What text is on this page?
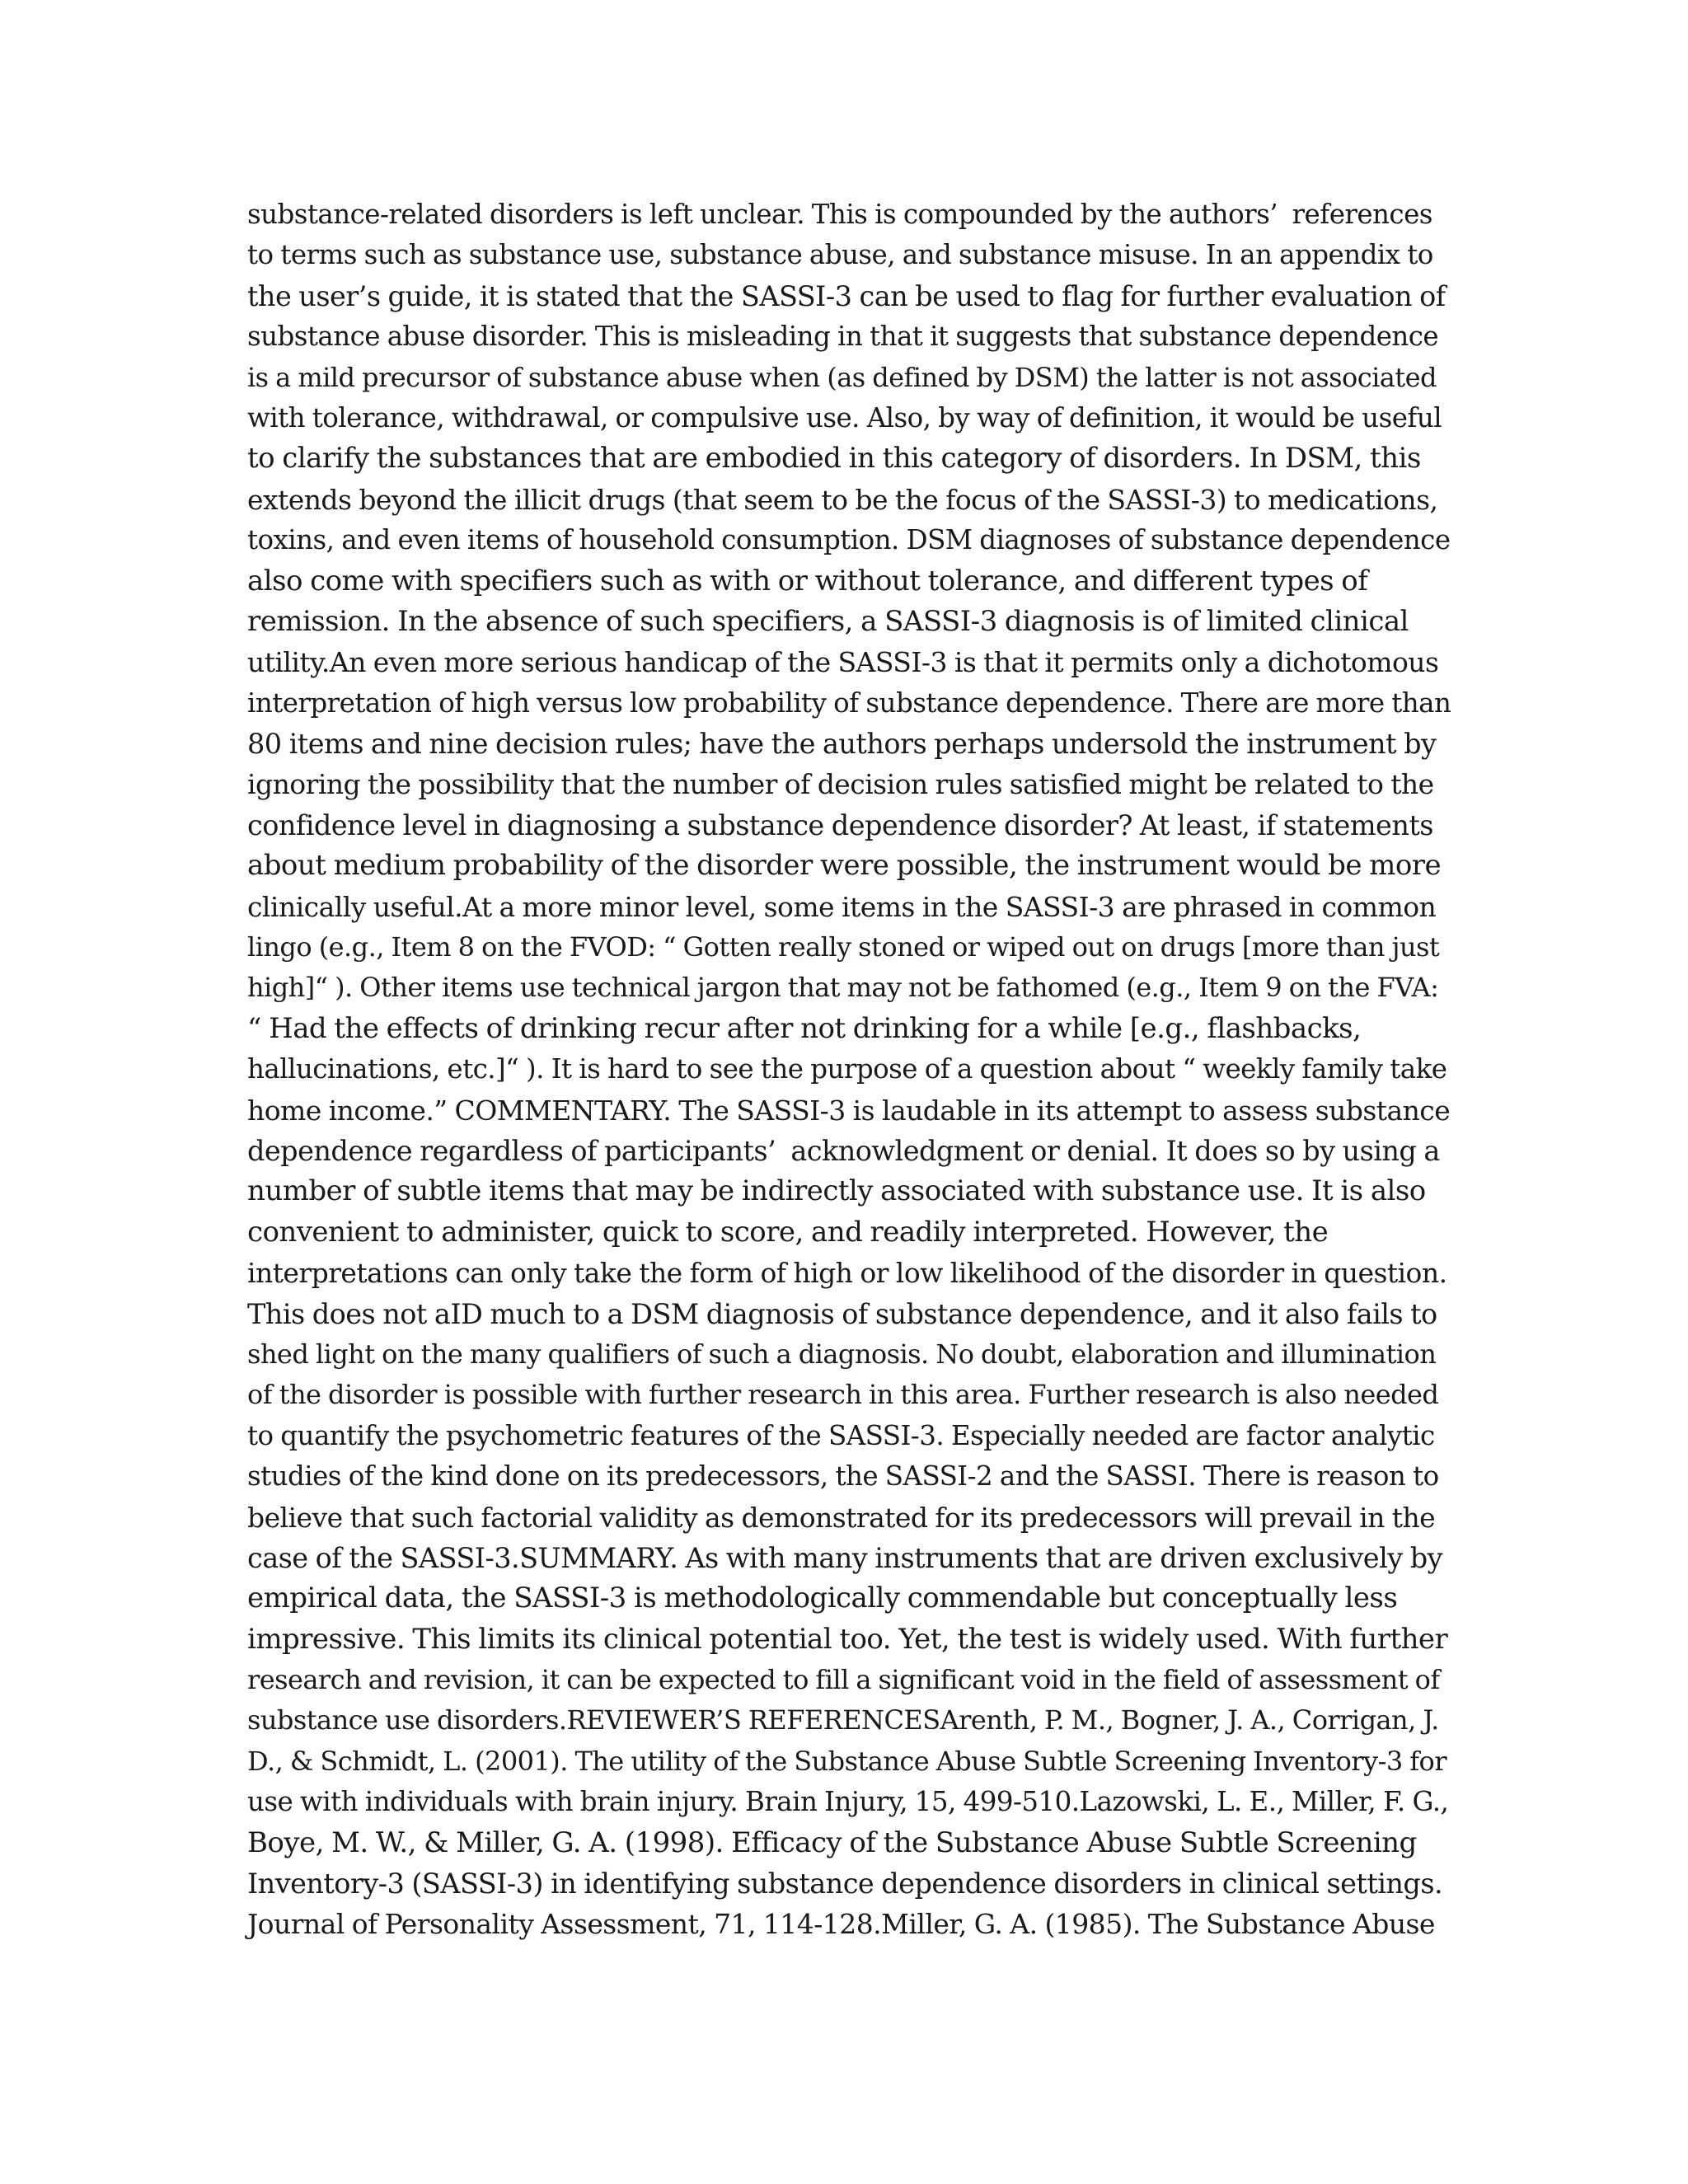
substance-related disorders is left unclear. This is compounded by the authors’  references
to terms such as substance use, substance abuse, and substance misuse. In an appendix to
the user’s guide, it is stated that the SASSI-3 can be used to flag for further evaluation of
substance abuse disorder. This is misleading in that it suggests that substance dependence
is a mild precursor of substance abuse when (as defined by DSM) the latter is not associated
with tolerance, withdrawal, or compulsive use. Also, by way of definition, it would be useful
to clarify the substances that are embodied in this category of disorders. In DSM, this
extends beyond the illicit drugs (that seem to be the focus of the SASSI-3) to medications,
toxins, and even items of household consumption. DSM diagnoses of substance dependence
also come with specifiers such as with or without tolerance, and different types of
remission. In the absence of such specifiers, a SASSI-3 diagnosis is of limited clinical
utility.An even more serious handicap of the SASSI-3 is that it permits only a dichotomous
interpretation of high versus low probability of substance dependence. There are more than
80 items and nine decision rules; have the authors perhaps undersold the instrument by
ignoring the possibility that the number of decision rules satisfied might be related to the
confidence level in diagnosing a substance dependence disorder? At least, if statements
about medium probability of the disorder were possible, the instrument would be more
clinically useful.At a more minor level, some items in the SASSI-3 are phrased in common
lingo (e.g., Item 8 on the FVOD: “ Gotten really stoned or wiped out on drugs [more than just
high]“ ). Other items use technical jargon that may not be fathomed (e.g., Item 9 on the FVA:
“ Had the effects of drinking recur after not drinking for a while [e.g., flashbacks,
hallucinations, etc.]“ ). It is hard to see the purpose of a question about “ weekly family take
home income.” COMMENTARY. The SASSI-3 is laudable in its attempt to assess substance
dependence regardless of participants’  acknowledgment or denial. It does so by using a
number of subtle items that may be indirectly associated with substance use. It is also
convenient to administer, quick to score, and readily interpreted. However, the
interpretations can only take the form of high or low likelihood of the disorder in question.
This does not aID much to a DSM diagnosis of substance dependence, and it also fails to
shed light on the many qualifiers of such a diagnosis. No doubt, elaboration and illumination
of the disorder is possible with further research in this area. Further research is also needed
to quantify the psychometric features of the SASSI-3. Especially needed are factor analytic
studies of the kind done on its predecessors, the SASSI-2 and the SASSI. There is reason to
believe that such factorial validity as demonstrated for its predecessors will prevail in the
case of the SASSI-3.SUMMARY. As with many instruments that are driven exclusively by
empirical data, the SASSI-3 is methodologically commendable but conceptually less
impressive. This limits its clinical potential too. Yet, the test is widely used. With further
research and revision, it can be expected to fill a significant void in the field of assessment of
substance use disorders.REVIEWER’S REFERENCESArenth, P. M., Bogner, J. A., Corrigan, J.
D., & Schmidt, L. (2001). The utility of the Substance Abuse Subtle Screening Inventory-3 for
use with individuals with brain injury. Brain Injury, 15, 499-510.Lazowski, L. E., Miller, F. G.,
Boye, M. W., & Miller, G. A. (1998). Efficacy of the Substance Abuse Subtle Screening
Inventory-3 (SASSI-3) in identifying substance dependence disorders in clinical settings.
Journal of Personality Assessment, 71, 114-128.Miller, G. A. (1985). The Substance Abuse
